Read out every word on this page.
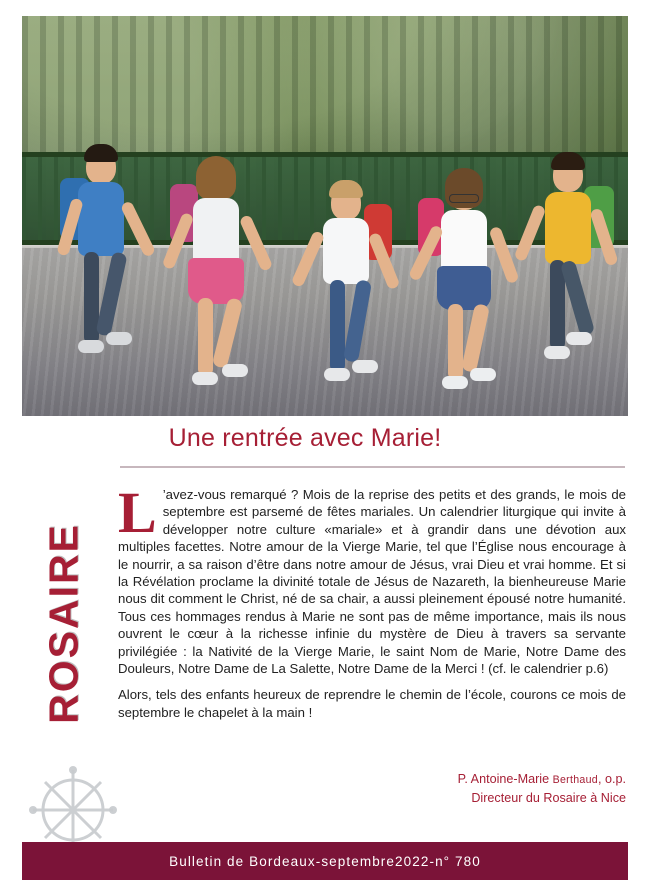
Une rentrée avec Marie!
ROSAIRE

L ’avez-vous remarqué ? Mois de la reprise des petits et des grands, le mois de septembre est parsemé de fêtes mariales. Un calendrier liturgique qui invite à développer notre culture «mariale» et à grandir dans une dévotion aux multiples facettes. Notre amour de la Vierge Marie, tel que l’Église nous encourage à le nourrir, a sa raison d’être dans notre amour de Jésus, vrai Dieu et vrai homme. Et si la Révélation proclame la divinité totale de Jésus de Nazareth, la bienheureuse Marie nous dit comment le Christ, né de sa chair, a aussi pleinement épousé notre humanité. Tous ces hommages rendus à Marie ne sont pas de même importance, mais ils nous ouvrent le cœur à la richesse infinie du mystère de Dieu à travers sa servante privilégiée : la Nativité de la Vierge Marie, le saint Nom de Marie, Notre Dame des Douleurs, Notre Dame de La Salette, Notre Dame de la Merci ! (cf. le calendrier p.6)

Alors, tels des enfants heureux de reprendre le chemin de l’école, courons ce mois de septembre le chapelet à la main !

P. Antoine-Marie Berthaud, o.p.
Directeur du Rosaire à Nice
Bulletin de Bordeaux - septembre 2022 - n° 780
